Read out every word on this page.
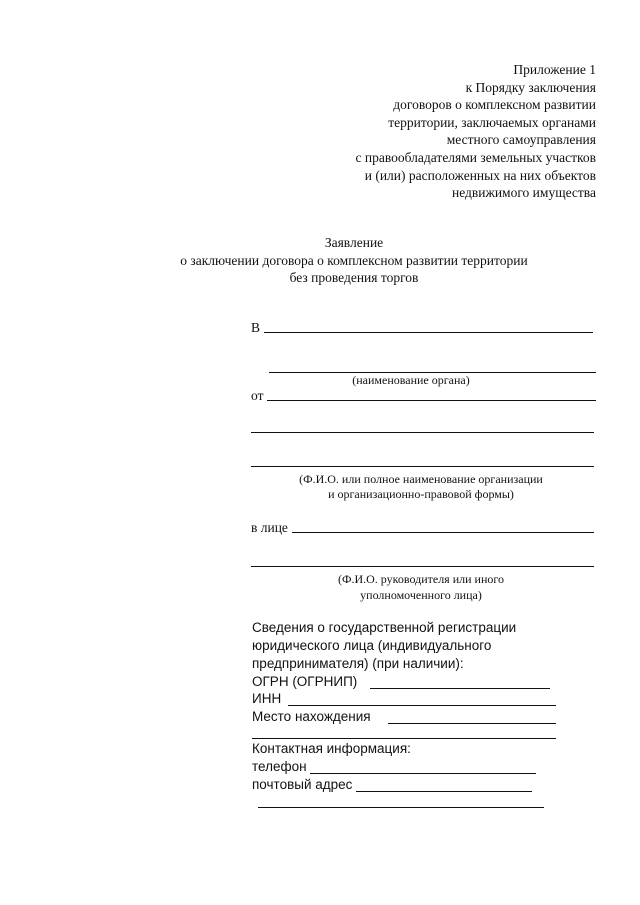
Приложение 1
к Порядку заключения
договоров о комплексном развитии
территории, заключаемых органами
местного самоуправления
с правообладателями земельных участков
и (или) расположенных на них объектов
недвижимого имущества
Заявление
о заключении договора о комплексном развитии территории
без проведения торгов
В
(наименование органа)
от
(Ф.И.О. или полное наименование организации
и организационно-правовой формы)
в лице
(Ф.И.О. руководителя или иного
уполномоченного лица)
Сведения о государственной регистрации
юридического лица (индивидуального
предпринимателя) (при наличии):
ОГРН (ОГРНИП)
ИНН
Место нахождения
Контактная информация:
телефон
почтовый адрес
